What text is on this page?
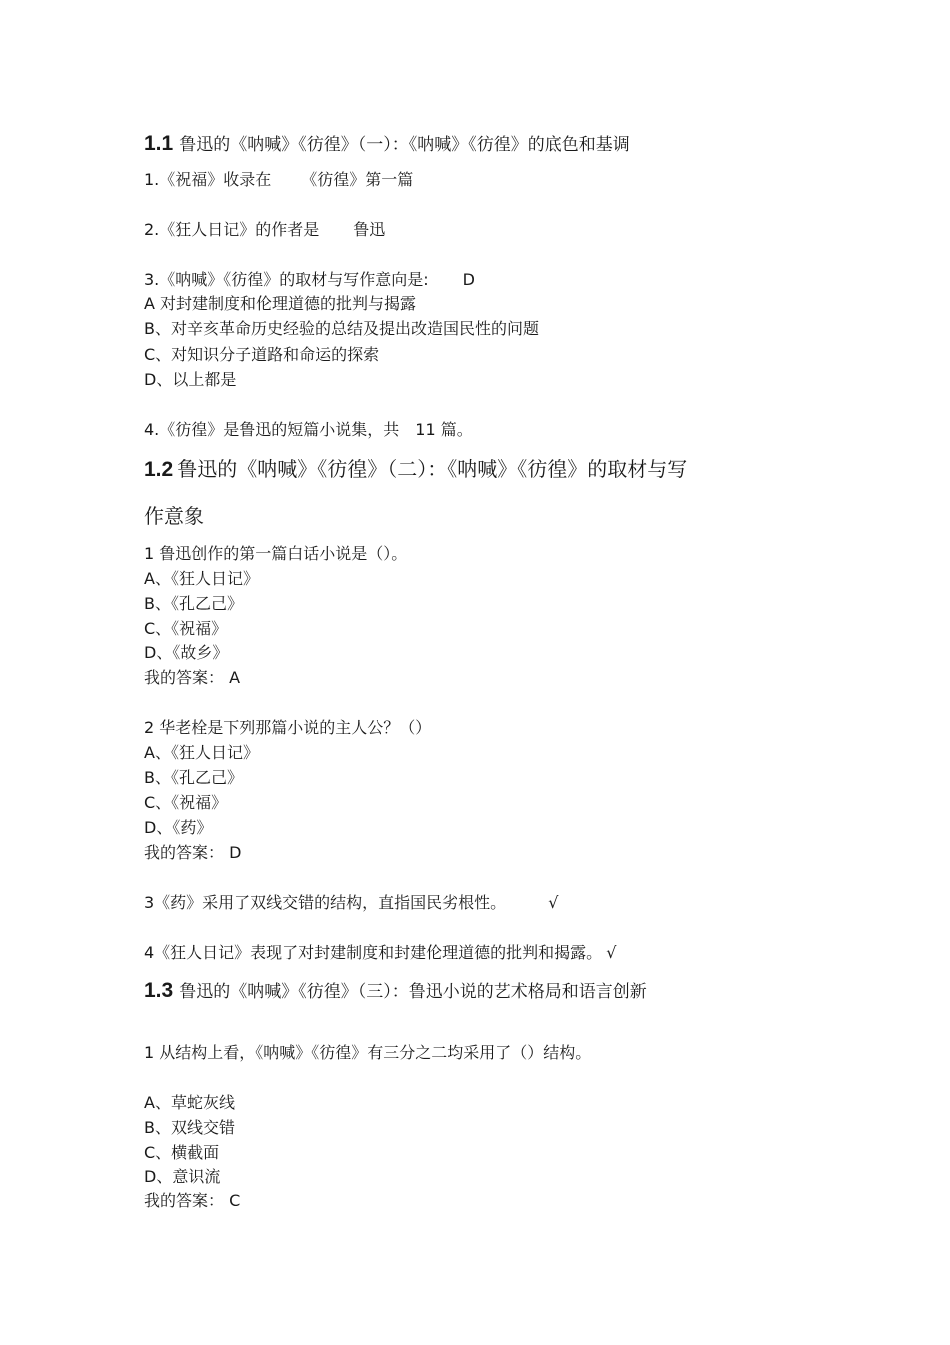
1.1 鲁迅的《呐喊》《彷徨》（一）：《呐喊》《彷徨》的底色和基调

1.《祝福》收录在 《彷徨》第一篇

2.《狂人日记》的作者是 鲁迅

3.《呐喊》《彷徨》的取材与写作意向是: D

A 对封建制度和伦理道德的批判与揭露

B、对辛亥革命历史经验的总结及提出改造国民性的问题

C、对知识分子道路和命运的探索

D、以上都是

4.《彷徨》是鲁迅的短篇小说集，共 11 篇。

1.2 鲁迅的《呐喊》《彷徨》（二）：《呐喊》《彷徨》的取材与写

作意象

1 鲁迅创作的第一篇白话小说是（）。

A、《狂人日记》

B、《孔乙己》

C、《祝福》

D、《故乡》

我的答案： A

2 华老栓是下列那篇小说的主人公？（）

A、《狂人日记》

B、《孔乙己》

C、《祝福》

D、《药》

我的答案： D

3《药》采用了双线交错的结构，直指国民劣根性。	√

4《狂人日记》表现了对封建制度和封建伦理道德的批判和揭露。 √

1.3 鲁迅的《呐喊》《彷徨》（三）：鲁迅小说的艺术格局和语言创新

1 从结构上看，《呐喊》《彷徨》有三分之二均采用了（）结构。

A、草蛇灰线

B、双线交错

C、横截面

D、意识流

我的答案： C
